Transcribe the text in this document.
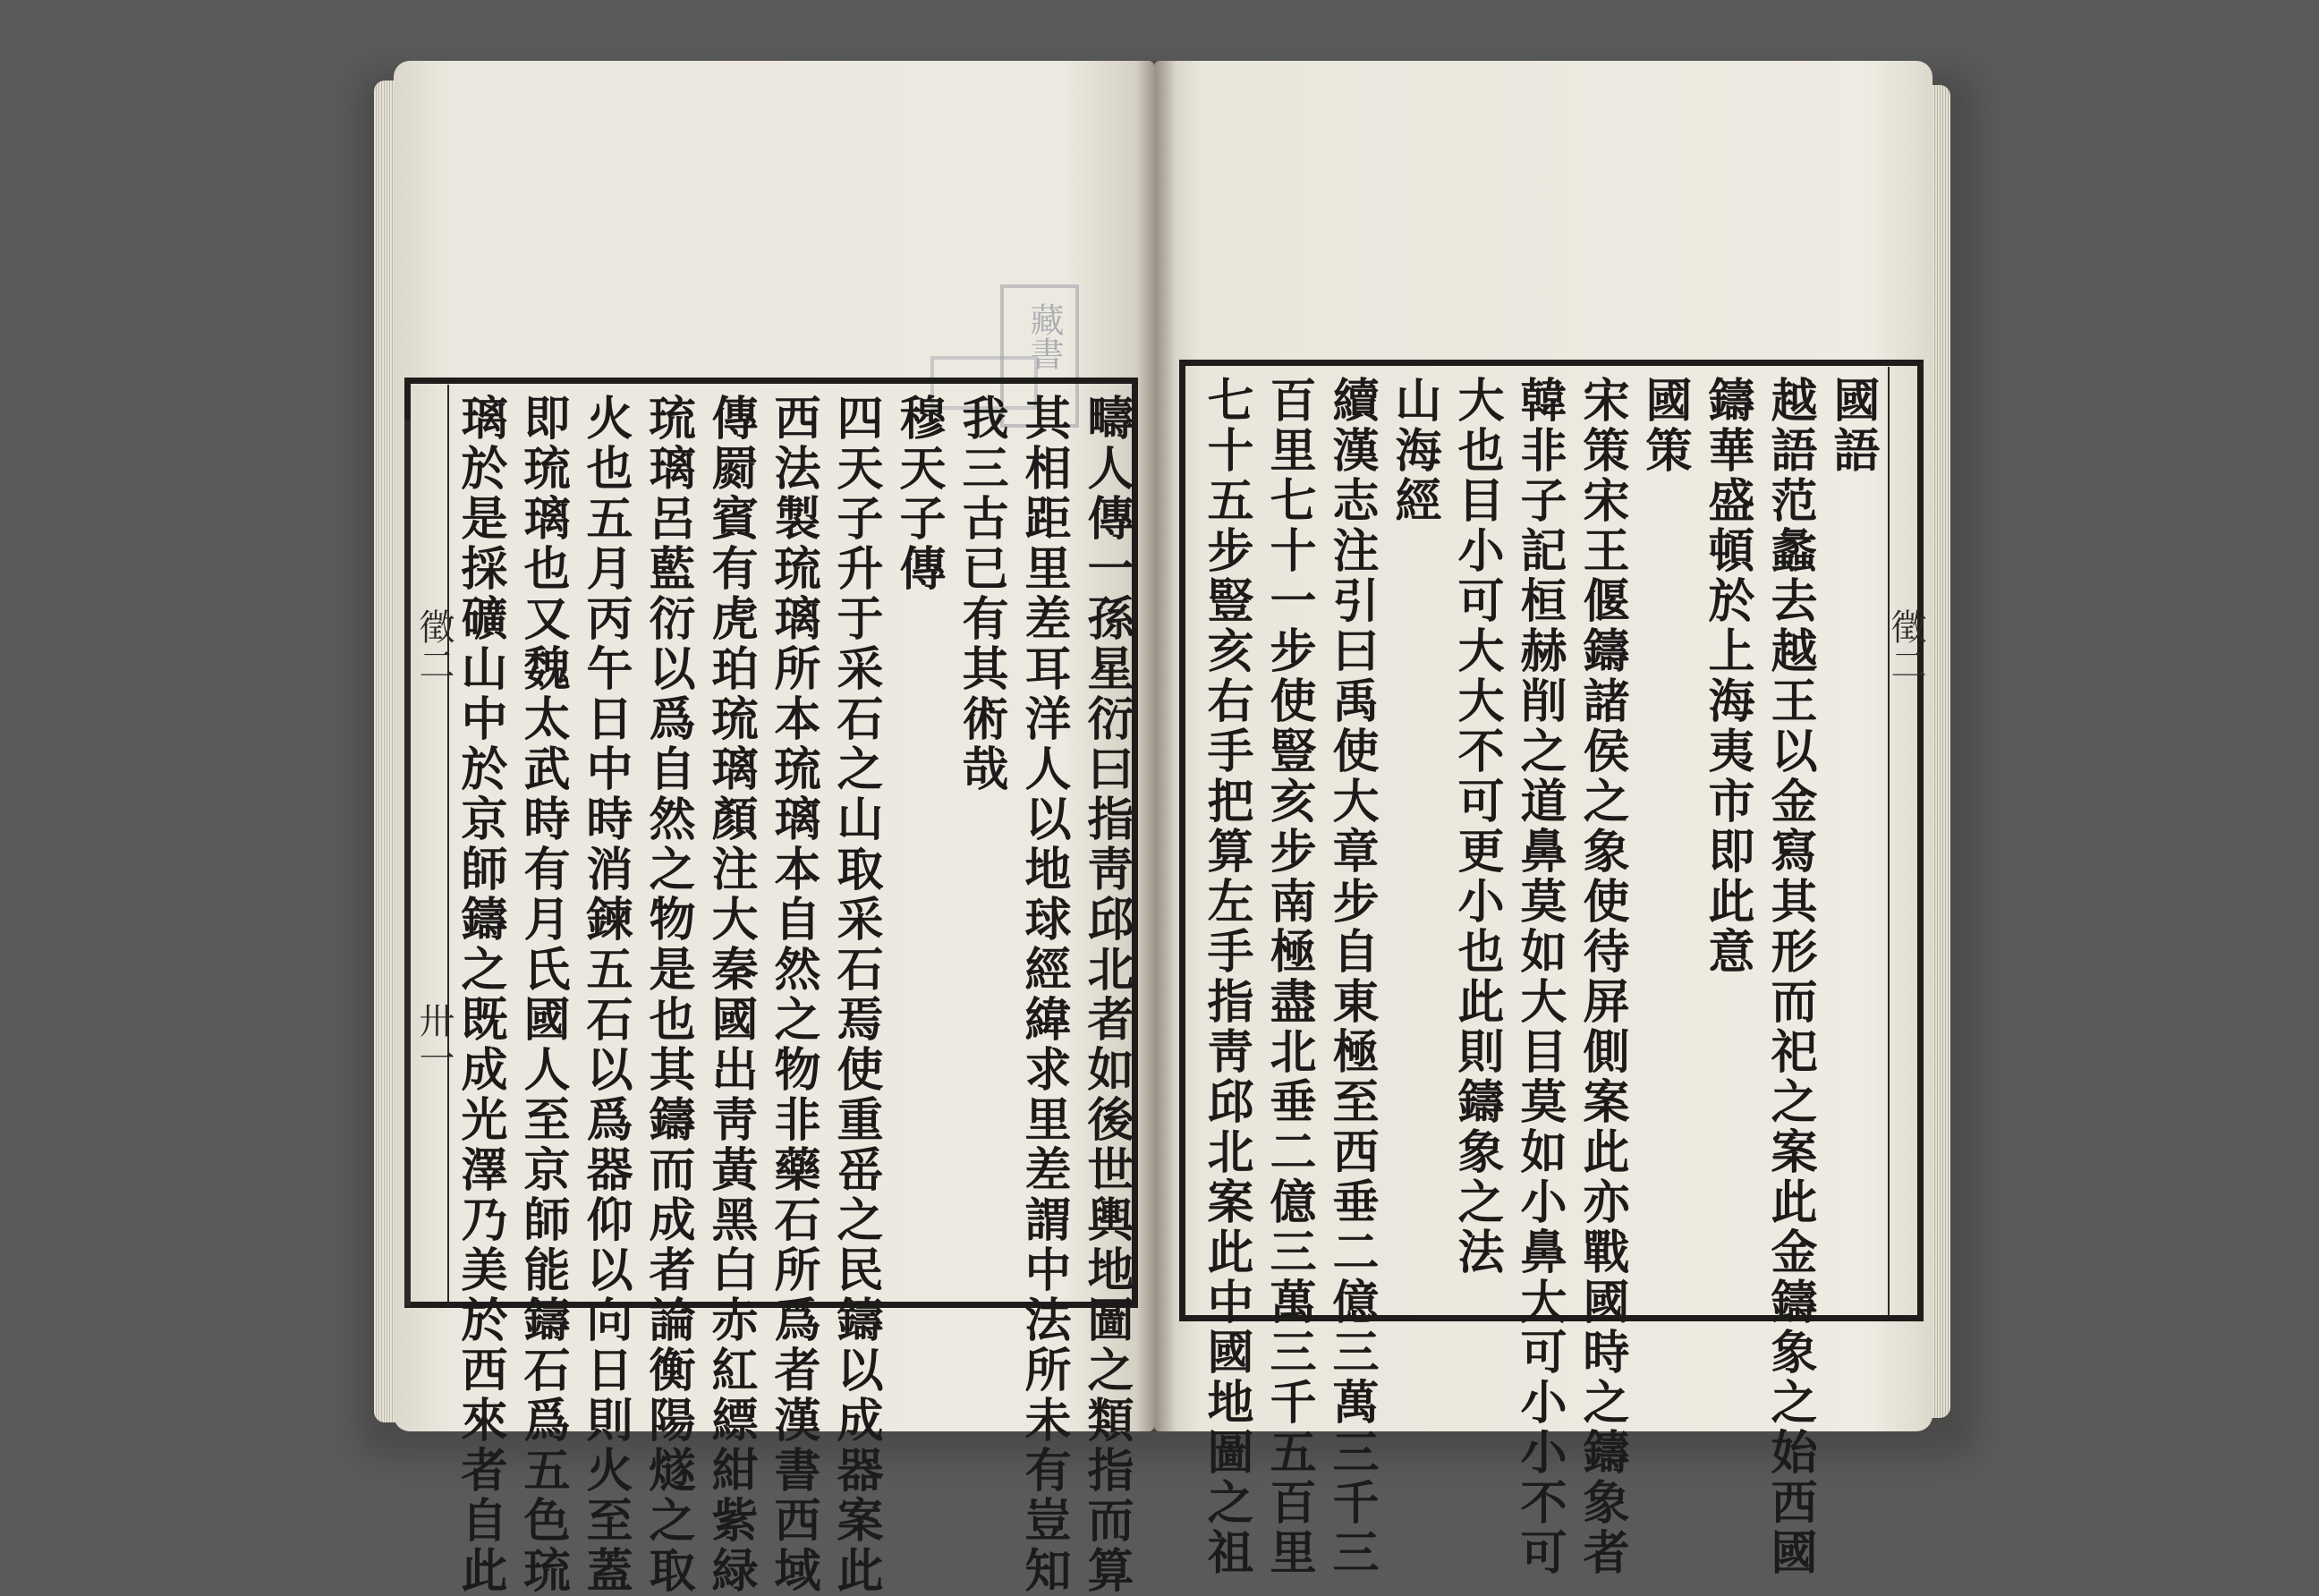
藏書
徵二
卅一
徵二
疇人傳一孫星衍曰指靑邱北者如後世輿地圖之類指而算
其相距里差耳洋人以地球經緯求里差謂中法所未有豈知
我三古已有其術哉
穆天子傳
四天子升于采石之山取采石焉使重䍃之民鑄以成器案此
西法製琉璃所本琉璃本自然之物非藥石所爲者漢書西域
傳罽賓有虎珀琉璃顏注大秦國出靑黃黑白赤紅縹紺紫緑
琉璃呂藍衍以爲自然之物是也其鑄而成者論衡陽燧之取
火也五月丙午日中時消鍊五石以爲器仰以向日則火至蓋
即琉璃也又魏太武時有月氏國人至京師能鑄石爲五色琉
璃於是採礦山中於京師鑄之既成光澤乃美於西來者自此	國語
越語范蠡去越王以金寫其形而祀之案此金鑄象之始西國
鑄華盛頓於上海夷市即此意
國策
宋策宋王偃鑄諸侯之象使待屏側案此亦戰國時之鑄象者
韓非子記桓赫削之道鼻莫如大目莫如小鼻大可小小不可
大也目小可大大不可更小也此則鑄象之法
山海經
續漢志注引曰禹使大章步自東極至西垂二億三萬三千三
百里七十一步使豎亥步南極盡北垂二億三萬三千五百里
七十五步豎亥右手把算左手指靑邱北案此中國地圖之祖
